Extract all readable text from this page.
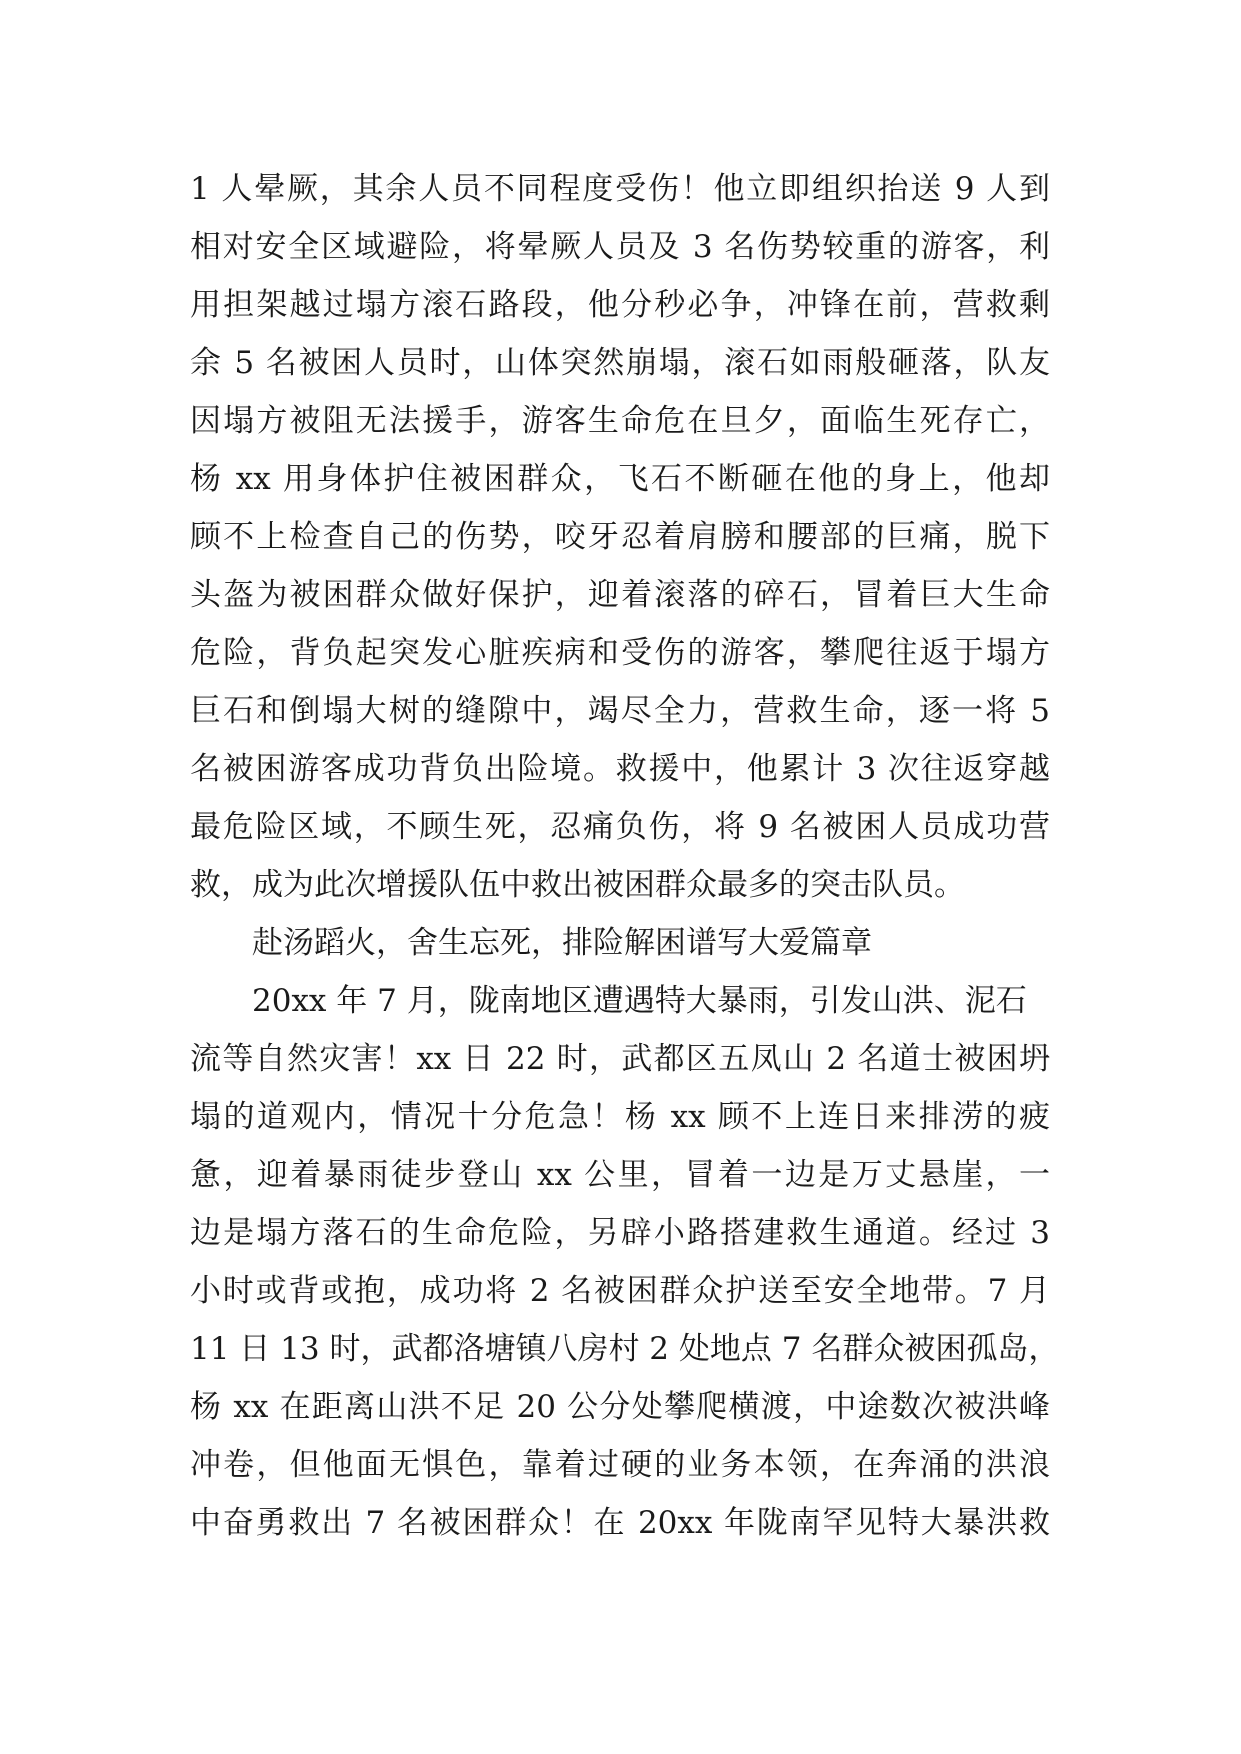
1 人晕厥，其余人员不同程度受伤！他立即组织抬送 9 人到
相对安全区域避险，将晕厥人员及 3 名伤势较重的游客，利
用担架越过塌方滚石路段，他分秒必争，冲锋在前，营救剩
余 5 名被困人员时，山体突然崩塌，滚石如雨般砸落，队友
因塌方被阻无法援手，游客生命危在旦夕，面临生死存亡，
杨 xx 用身体护住被困群众，飞石不断砸在他的身上，他却
顾不上检查自己的伤势，咬牙忍着肩膀和腰部的巨痛，脱下
头盔为被困群众做好保护，迎着滚落的碎石，冒着巨大生命
危险，背负起突发心脏疾病和受伤的游客，攀爬往返于塌方
巨石和倒塌大树的缝隙中，竭尽全力，营救生命，逐一将 5
名被困游客成功背负出险境。救援中，他累计 3 次往返穿越
最危险区域，不顾生死，忍痛负伤，将 9 名被困人员成功营
救，成为此次增援队伍中救出被困群众最多的突击队员。
赴汤蹈火，舍生忘死，排险解困谱写大爱篇章
20xx 年 7 月，陇南地区遭遇特大暴雨，引发山洪、泥石
流等自然灾害！xx 日 22 时，武都区五凤山 2 名道士被困坍
塌的道观内，情况十分危急！杨 xx 顾不上连日来排涝的疲
惫，迎着暴雨徒步登山 xx 公里，冒着一边是万丈悬崖，一
边是塌方落石的生命危险，另辟小路搭建救生通道。经过 3
小时或背或抱，成功将 2 名被困群众护送至安全地带。7 月
11 日 13 时，武都洛塘镇八房村 2 处地点 7 名群众被困孤岛，
杨 xx 在距离山洪不足 20 公分处攀爬横渡，中途数次被洪峰
冲卷，但他面无惧色，靠着过硬的业务本领，在奔涌的洪浪
中奋勇救出 7 名被困群众！在 20xx 年陇南罕见特大暴洪救
